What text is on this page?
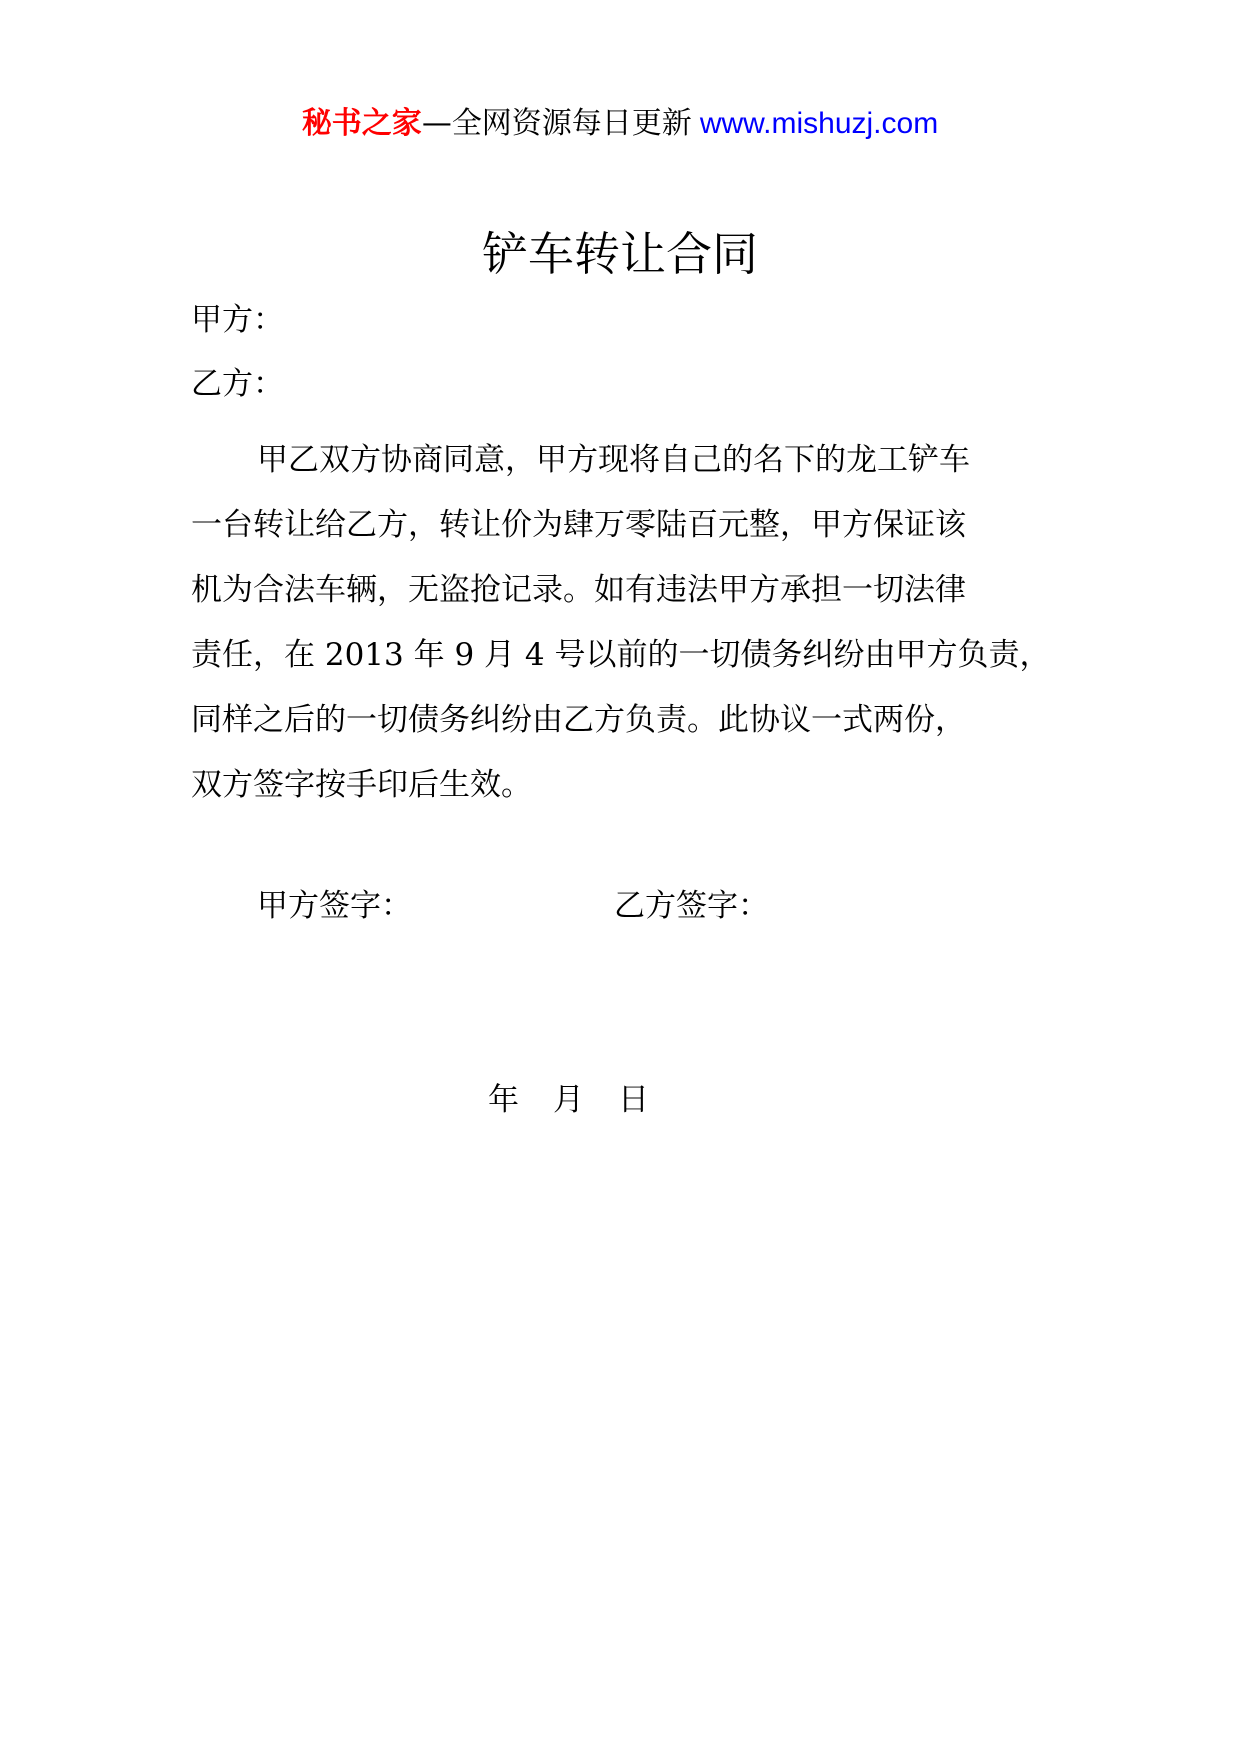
秘书之家—全网资源每日更新 www.mishuzj.com
铲车转让合同
甲方：
乙方：
甲乙双方协商同意，甲方现将自己的名下的龙工铲车
一台转让给乙方，转让价为肆万零陆百元整，甲方保证该
机为合法车辆，无盗抢记录。如有违法甲方承担一切法律
责任，在 2013 年 9 月 4 号以前的一切债务纠纷由甲方负责，
同样之后的一切债务纠纷由乙方负责。此协议一式两份，
双方签字按手印后生效。
甲方签字：	乙方签字：
年 月 日
